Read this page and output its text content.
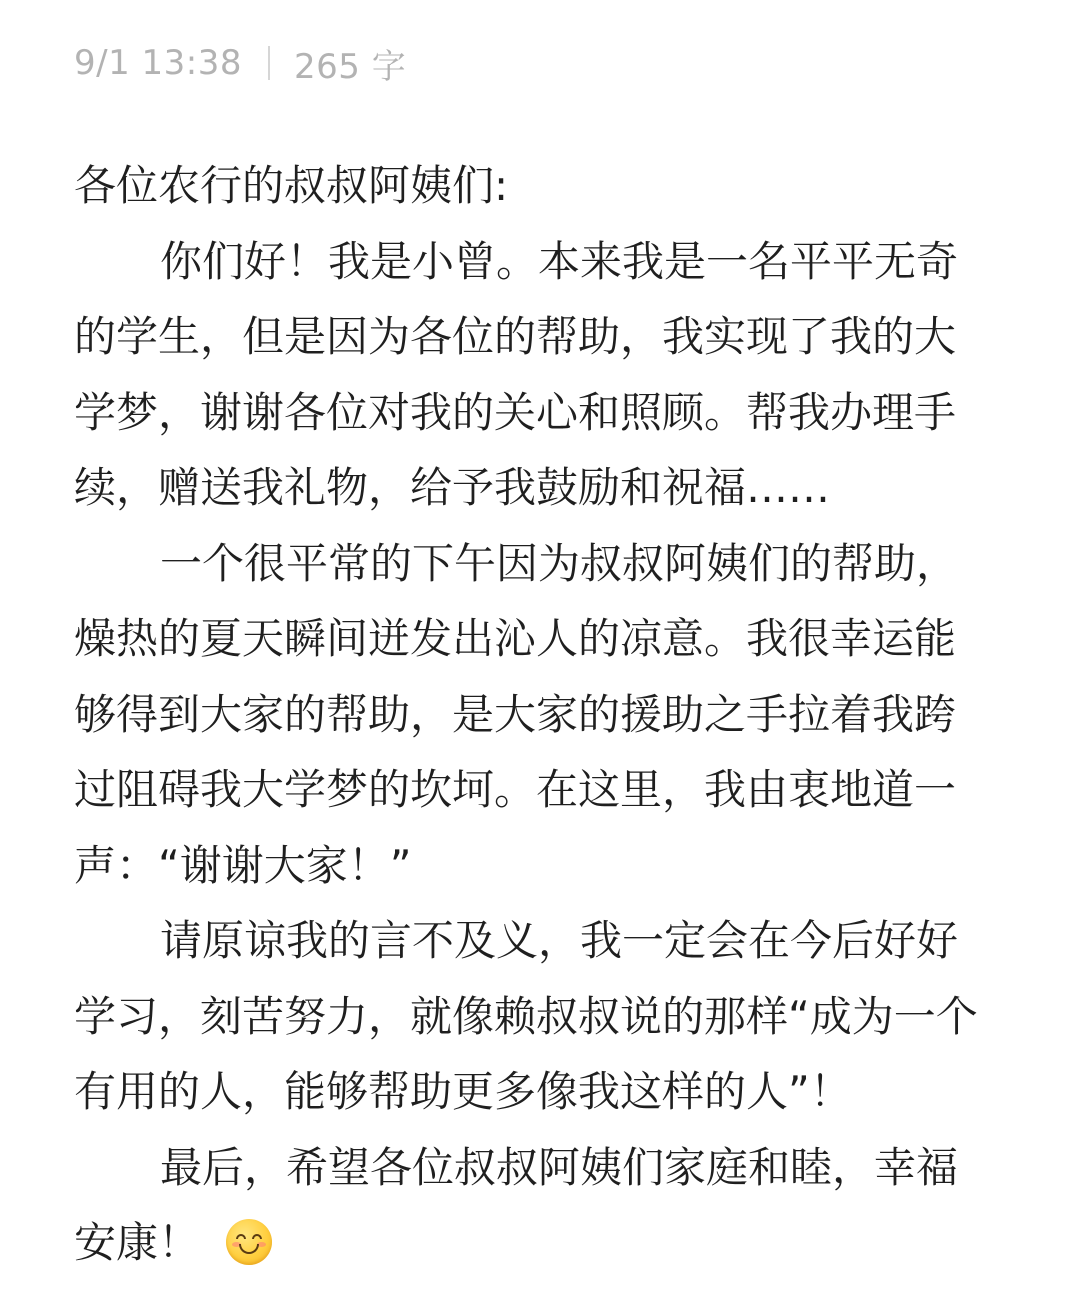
9/1 13:38 265 字
各位农行的叔叔阿姨们:
你们好！我是小曾。本来我是一名平平无奇
的学生，但是因为各位的帮助，我实现了我的大
学梦，谢谢各位对我的关心和照顾。帮我办理手
续，赠送我礼物，给予我鼓励和祝福……
一个很平常的下午因为叔叔阿姨们的帮助，
燥热的夏天瞬间迸发出沁人的凉意。我很幸运能
够得到大家的帮助，是大家的援助之手拉着我跨
过阻碍我大学梦的坎坷。在这里，我由衷地道一
声：“谢谢大家！”
请原谅我的言不及义，我一定会在今后好好
学习，刻苦努力，就像赖叔叔说的那样“成为一个
有用的人，能够帮助更多像我这样的人”！
最后，希望各位叔叔阿姨们家庭和睦，幸福
安康！
